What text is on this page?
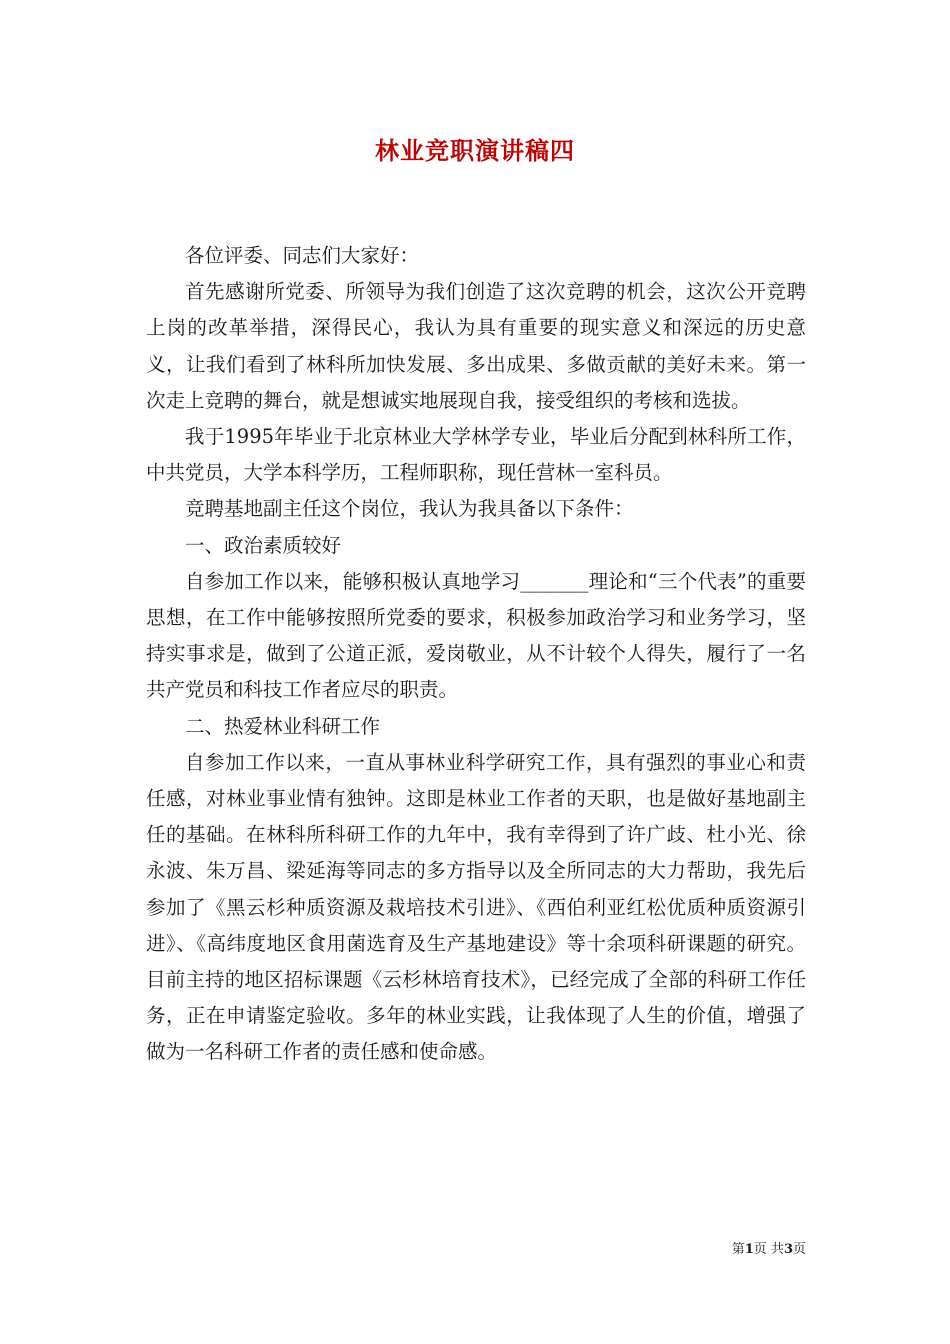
林业竞职演讲稿四

各位评委、同志们大家好：

首先感谢所党委、所领导为我们创造了这次竞聘的机会，这次公开竞聘上岗的改革举措，深得民心，我认为具有重要的现实意义和深远的历史意义，让我们看到了林科所加快发展、多出成果、多做贡献的美好未来。第一次走上竞聘的舞台，就是想诚实地展现自我，接受组织的考核和选拔。

我于1995年毕业于北京林业大学林学专业，毕业后分配到林科所工作，中共党员，大学本科学历，工程师职称，现任营林一室科员。

竞聘基地副主任这个岗位，我认为我具备以下条件：

一、政治素质较好

自参加工作以来，能够积极认真地学习_______理论和“三个代表”的重要思想，在工作中能够按照所党委的要求，积极参加政治学习和业务学习，坚持实事求是，做到了公道正派，爱岗敬业，从不计较个人得失，履行了一名共产党员和科技工作者应尽的职责。

二、热爱林业科研工作

自参加工作以来，一直从事林业科学研究工作，具有强烈的事业心和责任感，对林业事业情有独钟。这即是林业工作者的天职，也是做好基地副主任的基础。在林科所科研工作的九年中，我有幸得到了许广歧、杜小光、徐永波、朱万昌、梁延海等同志的多方指导以及全所同志的大力帮助，我先后参加了《黑云杉种质资源及栽培技术引进》、《西伯利亚红松优质种质资源引进》、《高纬度地区食用菌选育及生产基地建设》等十余项科研课题的研究。目前主持的地区招标课题《云杉林培育技术》，已经完成了全部的科研工作任务，正在申请鉴定验收。多年的林业实践，让我体现了人生的价值，增强了做为一名科研工作者的责任感和使命感。

第1页 共3页
